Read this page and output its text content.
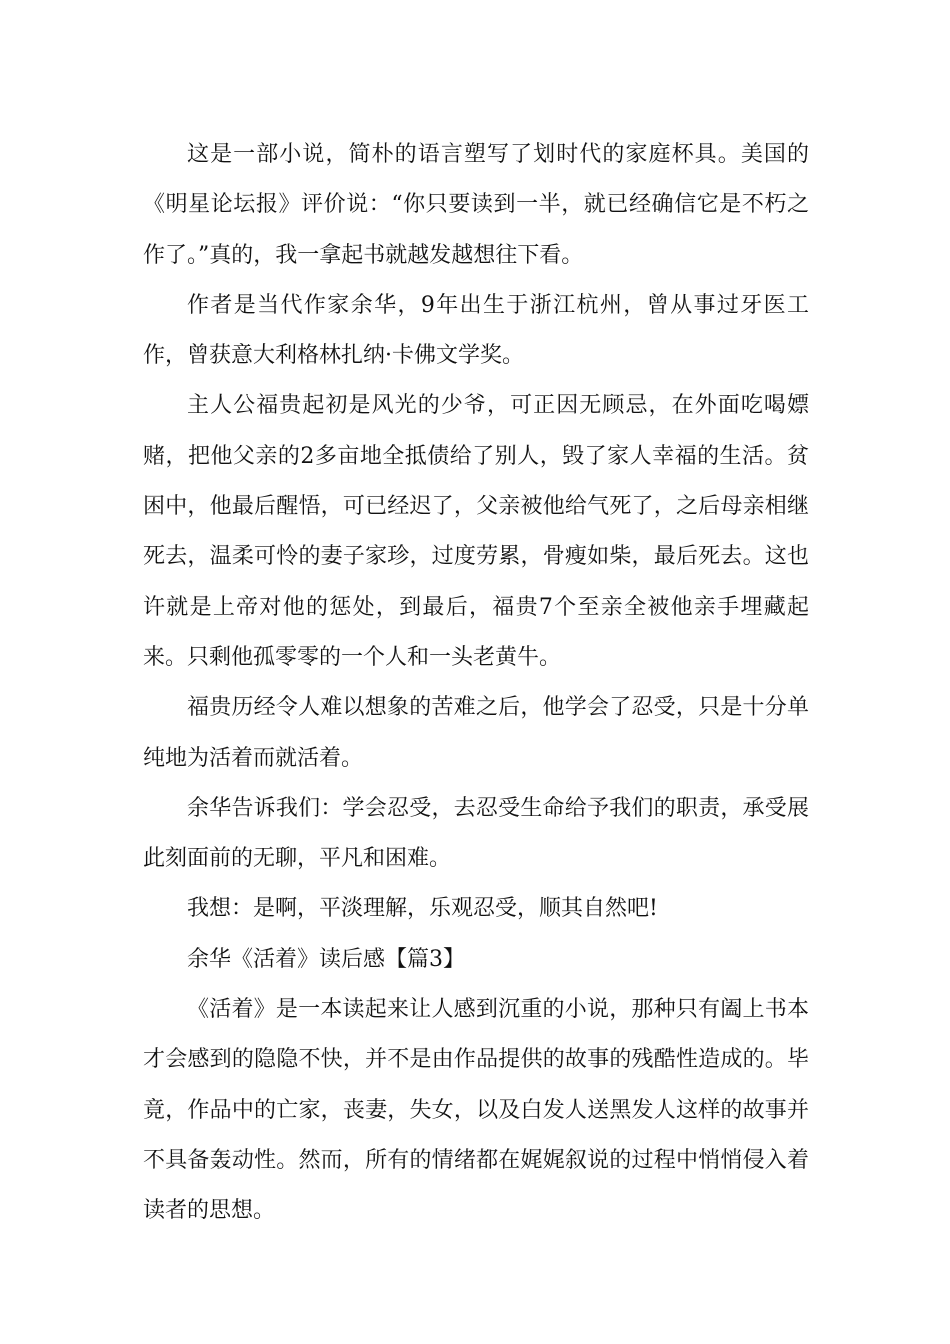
这是一部小说，简朴的语言塑写了划时代的家庭杯具。美国的《明星论坛报》评价说：“你只要读到一半，就已经确信它是不朽之作了。”真的，我一拿起书就越发越想往下看。

作者是当代作家余华，9年出生于浙江杭州，曾从事过牙医工作，曾获意大利格林扎纳·卡佛文学奖。

主人公福贵起初是风光的少爷，可正因无顾忌，在外面吃喝嫖赌，把他父亲的2多亩地全抵债给了别人，毁了家人幸福的生活。贫困中，他最后醒悟，可已经迟了，父亲被他给气死了，之后母亲相继死去，温柔可怜的妻子家珍，过度劳累，骨瘦如柴，最后死去。这也许就是上帝对他的惩处，到最后，福贵7个至亲全被他亲手埋藏起来。只剩他孤零零的一个人和一头老黄牛。

福贵历经令人难以想象的苦难之后，他学会了忍受，只是十分单纯地为活着而就活着。

余华告诉我们：学会忍受，去忍受生命给予我们的职责，承受展此刻面前的无聊，平凡和困难。

我想：是啊，平淡理解，乐观忍受，顺其自然吧!

余华《活着》读后感【篇3】

《活着》是一本读起来让人感到沉重的小说，那种只有阖上书本才会感到的隐隐不快，并不是由作品提供的故事的残酷性造成的。毕竟，作品中的亡家，丧妻，失女，以及白发人送黑发人这样的故事并不具备轰动性。然而，所有的情绪都在娓娓叙说的过程中悄悄侵入着读者的思想。
